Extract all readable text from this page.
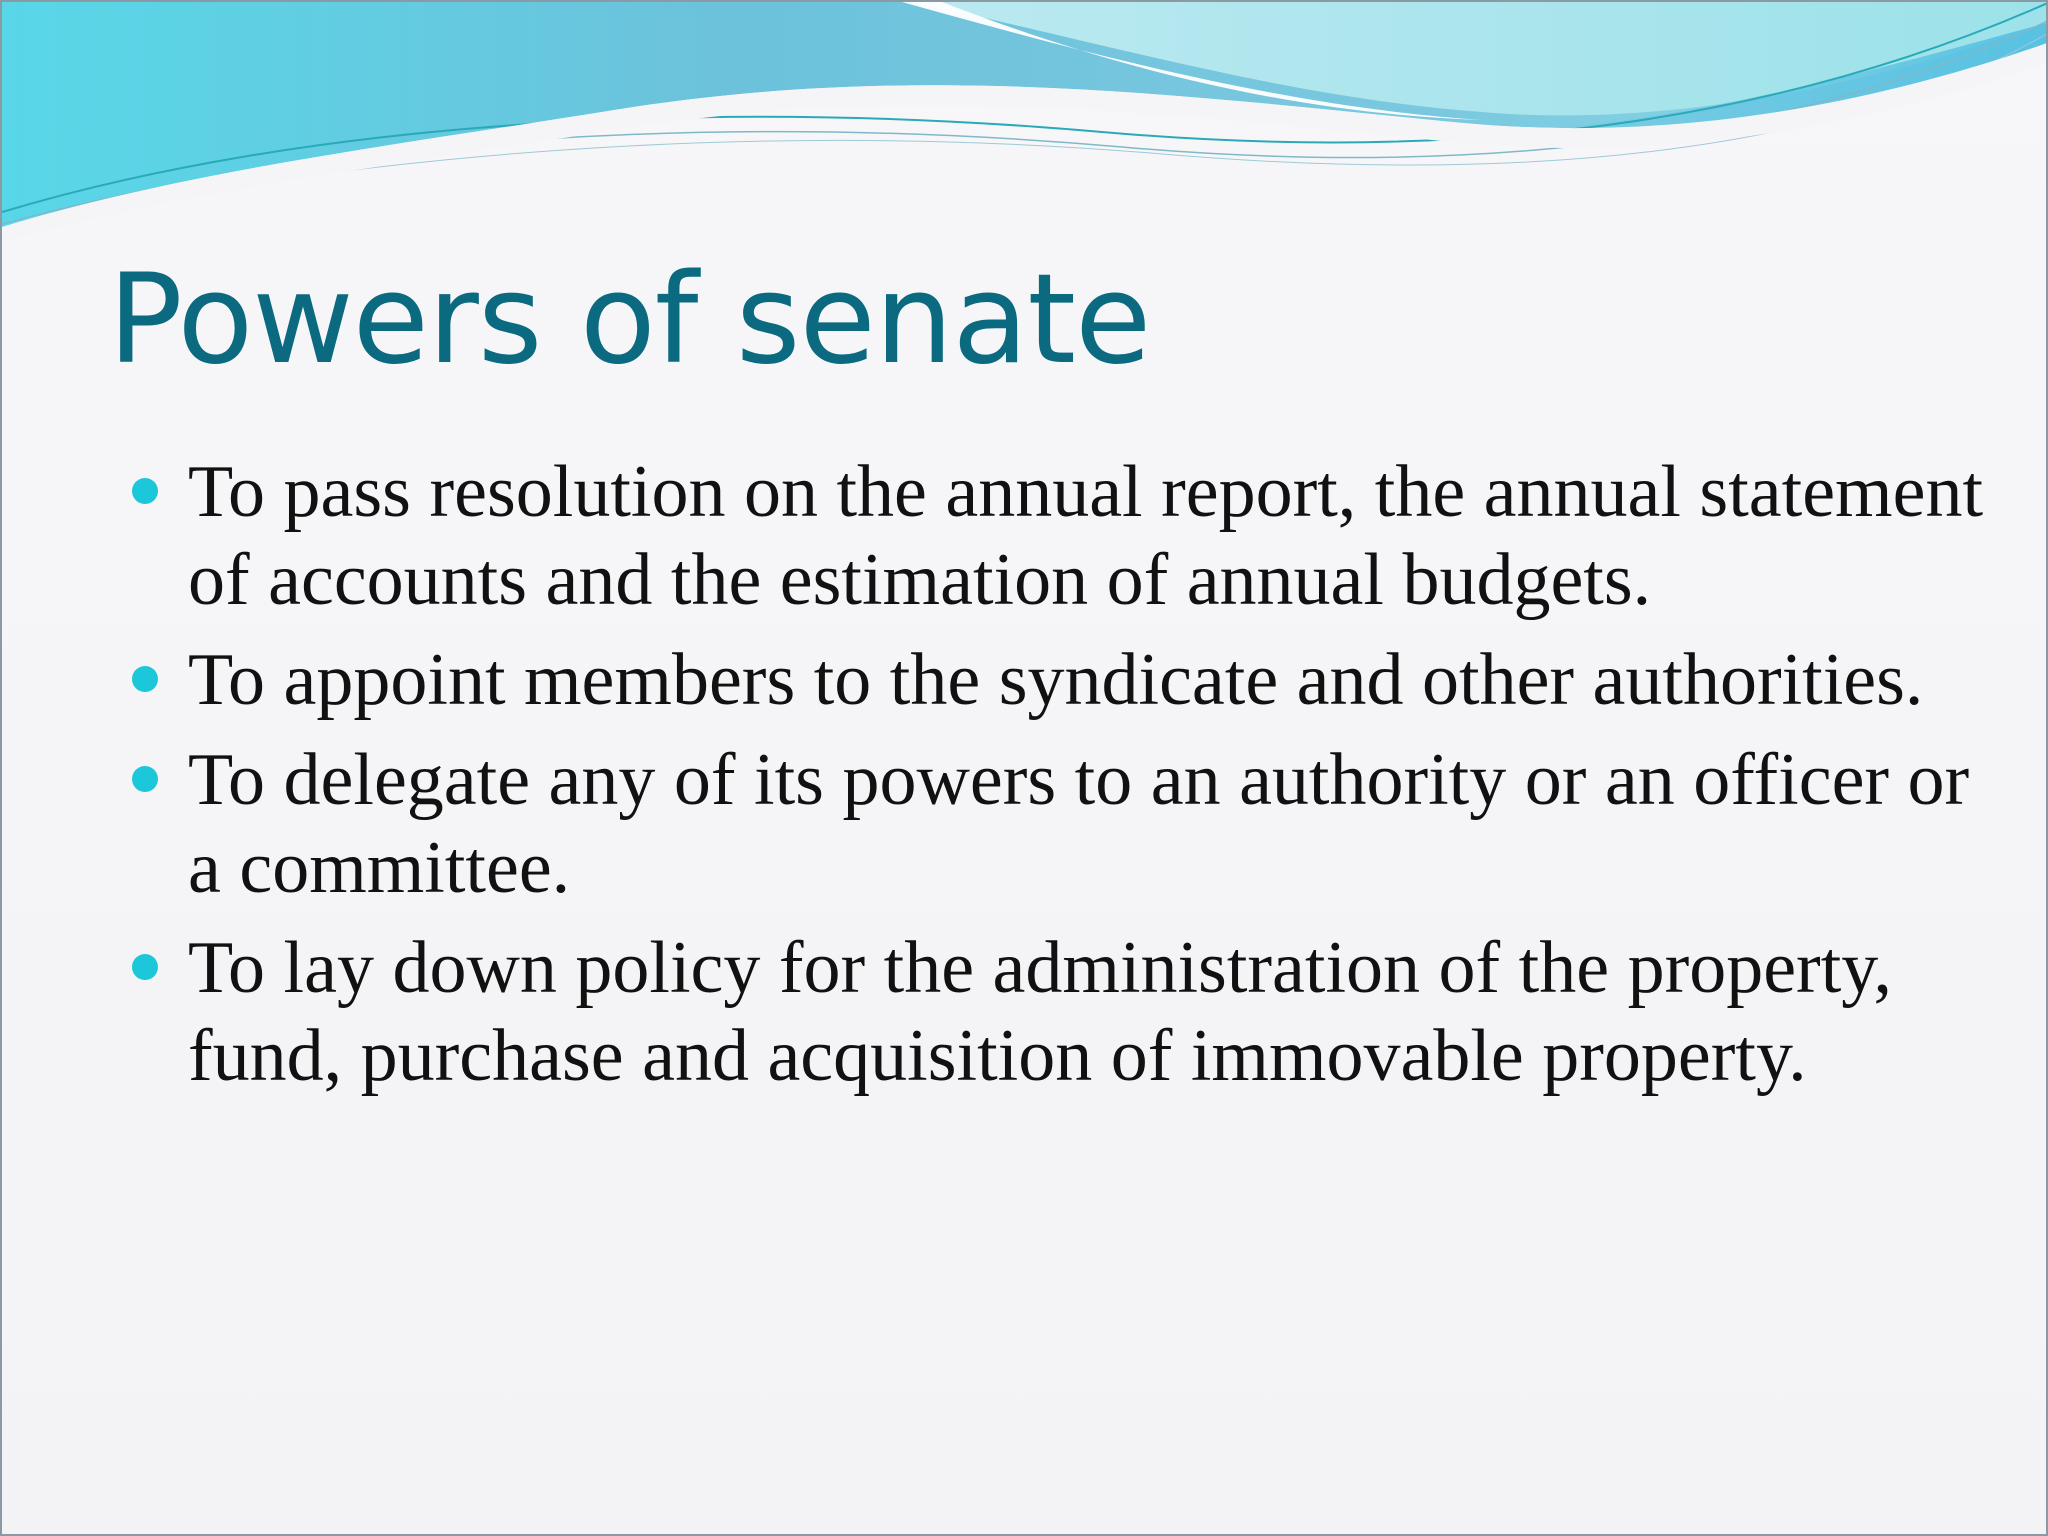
Powers of senate
To pass resolution on the annual report, the annual statement of accounts and the estimation of annual budgets.
To appoint members to the syndicate and other authorities.
To delegate any of its powers to an authority or an officer or a committee.
To lay down policy for the administration of the property, fund, purchase and acquisition of immovable property.
